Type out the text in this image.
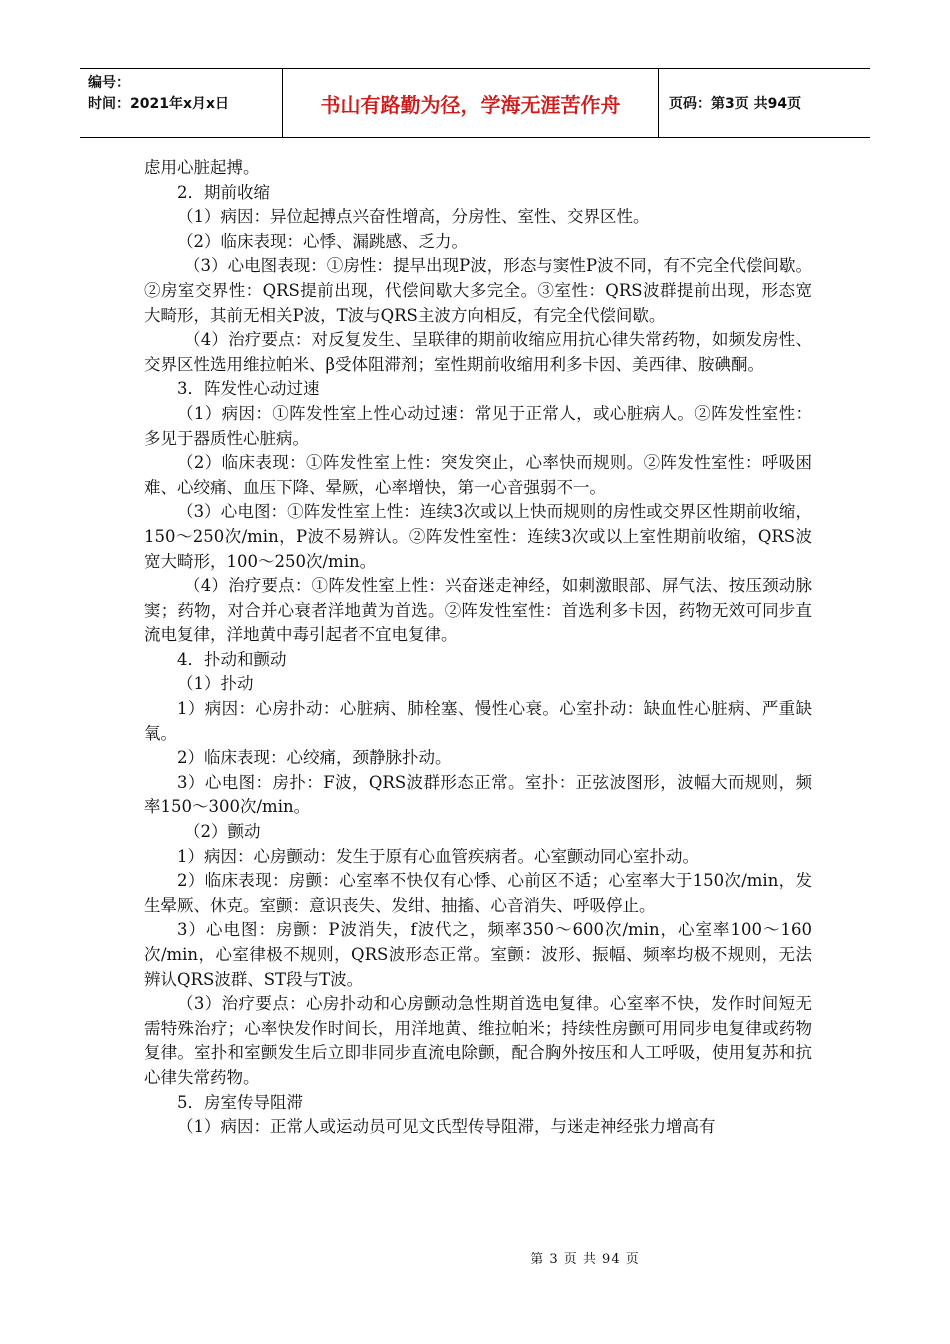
编号：
时间：2021年x月x日	书山有路勤为径，学海无涯苦作舟	页码：第3页 共94页

虑用心脏起搏。

2．期前收缩

（1）病因：异位起搏点兴奋性增高，分房性、室性、交界区性。

（2）临床表现：心悸、漏跳感、乏力。

（3）心电图表现：①房性：提早出现P波，形态与窦性P波不同，有不完全代偿间歇。②房室交界性：QRS提前出现，代偿间歇大多完全。③室性：QRS波群提前出现，形态宽大畸形，其前无相关P波，T波与QRS主波方向相反，有完全代偿间歇。

（4）治疗要点：对反复发生、呈联律的期前收缩应用抗心律失常药物，如频发房性、交界区性选用维拉帕米、β受体阻滞剂；室性期前收缩用利多卡因、美西律、胺碘酮。

3．阵发性心动过速

（1）病因：①阵发性室上性心动过速：常见于正常人，或心脏病人。②阵发性室性：多见于器质性心脏病。

（2）临床表现：①阵发性室上性：突发突止，心率快而规则。②阵发性室性：呼吸困难、心绞痛、血压下降、晕厥，心率增快，第一心音强弱不一。

（3）心电图：①阵发性室上性：连续3次或以上快而规则的房性或交界区性期前收缩，150～250次/min，P波不易辨认。②阵发性室性：连续3次或以上室性期前收缩，QRS波宽大畸形，100～250次/min。

（4）治疗要点：①阵发性室上性：兴奋迷走神经，如刺激眼部、屏气法、按压颈动脉窦；药物，对合并心衰者洋地黄为首选。②阵发性室性：首选利多卡因，药物无效可同步直流电复律，洋地黄中毒引起者不宜电复律。

4．扑动和颤动

（1）扑动

1）病因：心房扑动：心脏病、肺栓塞、慢性心衰。心室扑动：缺血性心脏病、严重缺氧。

2）临床表现：心绞痛，颈静脉扑动。

3）心电图：房扑：F波，QRS波群形态正常。室扑：正弦波图形，波幅大而规则，频率150～300次/min。

（2）颤动

1）病因：心房颤动：发生于原有心血管疾病者。心室颤动同心室扑动。

2）临床表现：房颤：心室率不快仅有心悸、心前区不适；心室率大于150次/min，发生晕厥、休克。室颤：意识丧失、发绀、抽搐、心音消失、呼吸停止。

3）心电图：房颤：P波消失，f波代之，频率350～600次/min，心室率100～160次/min，心室律极不规则，QRS波形态正常。室颤：波形、振幅、频率均极不规则，无法辨认QRS波群、ST段与T波。

（3）治疗要点：心房扑动和心房颤动急性期首选电复律。心室率不快，发作时间短无需特殊治疗；心率快发作时间长，用洋地黄、维拉帕米；持续性房颤可用同步电复律或药物复律。室扑和室颤发生后立即非同步直流电除颤，配合胸外按压和人工呼吸，使用复苏和抗心律失常药物。

5．房室传导阻滞

（1）病因：正常人或运动员可见文氏型传导阻滞，与迷走神经张力增高有

第 3 页 共 94 页
